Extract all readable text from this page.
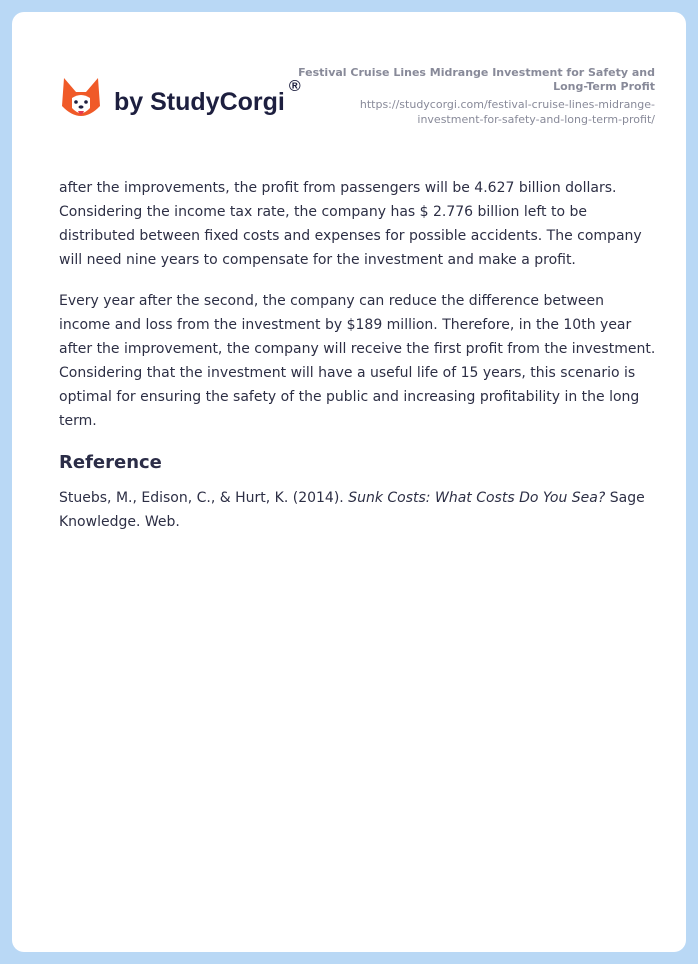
by StudyCorgi®
Festival Cruise Lines Midrange Investment for Safety and Long-Term Profit
https://studycorgi.com/festival-cruise-lines-midrange-investment-for-safety-and-long-term-profit/

after the improvements, the profit from passengers will be 4.627 billion dollars. Considering the income tax rate, the company has $ 2.776 billion left to be distributed between fixed costs and expenses for possible accidents. The company will need nine years to compensate for the investment and make a profit.

Every year after the second, the company can reduce the difference between income and loss from the investment by $189 million. Therefore, in the 10th year after the improvement, the company will receive the first profit from the investment. Considering that the investment will have a useful life of 15 years, this scenario is optimal for ensuring the safety of the public and increasing profitability in the long term.

Reference

Stuebs, M., Edison, C., & Hurt, K. (2014). Sunk Costs: What Costs Do You Sea? Sage Knowledge. Web.
